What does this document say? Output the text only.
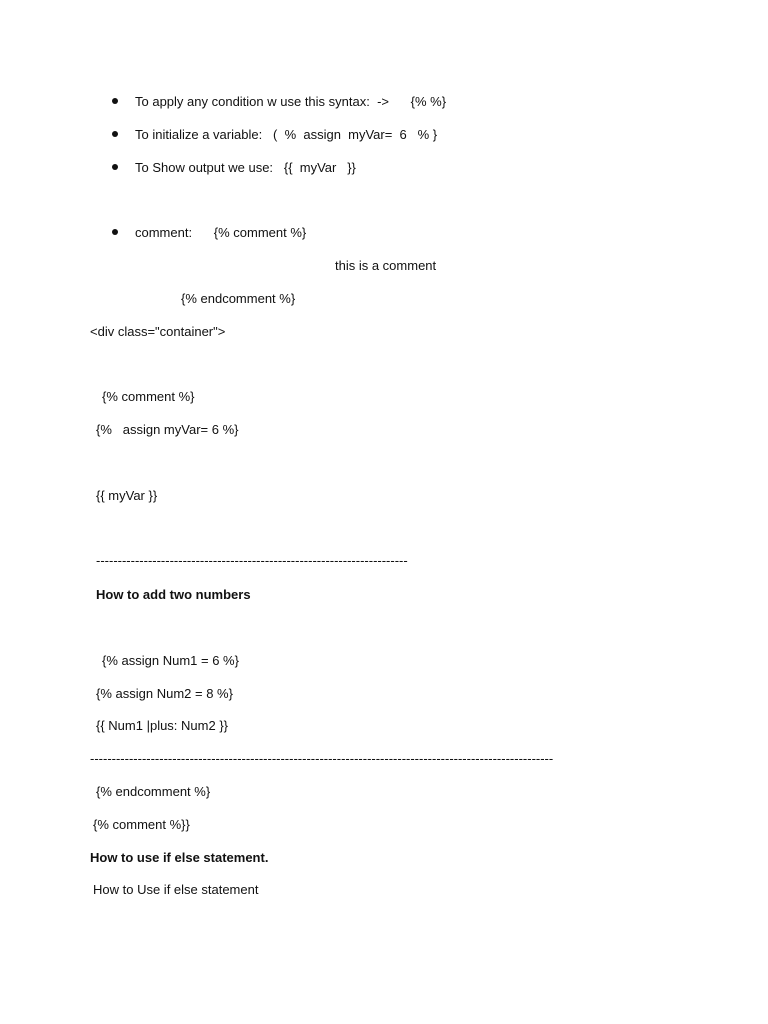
To apply any condition w use this syntax:  ->      {% %}
To initialize a variable:   (  %  assign  myVar=  6   % }
To Show output we use:   {{  myVar   }}
comment:      {% comment %}
this is a comment
{% endcomment %}
<div class="container">
{% comment %}
{%   assign myVar= 6 %}
{{ myVar }}
------------------------------------------------------------------------
How to add two numbers
{% assign Num1 = 6 %}
{% assign Num2 = 8 %}
{{ Num1 |plus: Num2 }}
-----------------------------------------------------------------------------------------------------------
{% endcomment %}
{% comment %}}
How to use if else statement.
How to Use if else statement
